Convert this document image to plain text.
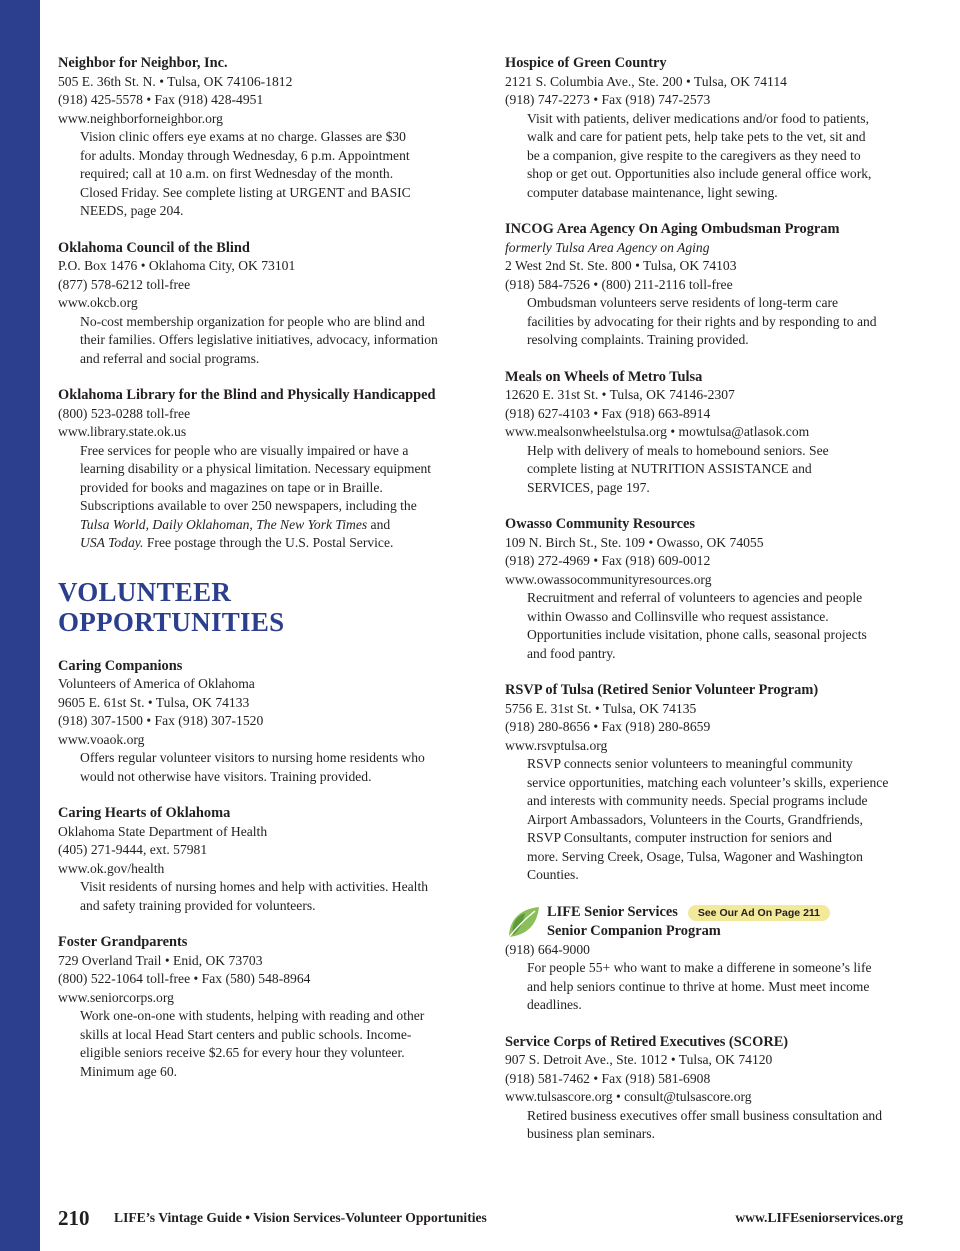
Neighbor for Neighbor, Inc.
505 E. 36th St. N. • Tulsa, OK 74106-1812
(918) 425-5578 • Fax (918) 428-4951
www.neighborforneighbor.org
Vision clinic offers eye exams at no charge. Glasses are $30
for adults. Monday through Wednesday, 6 p.m. Appointment
required; call at 10 a.m. on first Wednesday of the month.
Closed Friday. See complete listing at URGENT and BASIC
NEEDS, page 204.
Oklahoma Council of the Blind
P.O. Box 1476 • Oklahoma City, OK 73101
(877) 578-6212 toll-free
www.okcb.org
No-cost membership organization for people who are blind and
their families. Offers legislative initiatives, advocacy, information
and referral and social programs.
Oklahoma Library for the Blind and Physically Handicapped
(800) 523-0288 toll-free
www.library.state.ok.us
Free services for people who are visually impaired or have a
learning disability or a physical limitation. Necessary equipment
provided for books and magazines on tape or in Braille.
Subscriptions available to over 250 newspapers, including the
Tulsa World, Daily Oklahoman, The New York Times and
USA Today. Free postage through the U.S. Postal Service.
VOLUNTEER
OPPORTUNITIES
Caring Companions
Volunteers of America of Oklahoma
9605 E. 61st St. • Tulsa, OK 74133
(918) 307-1500 • Fax (918) 307-1520
www.voaok.org
Offers regular volunteer visitors to nursing home residents who
would not otherwise have visitors. Training provided.
Caring Hearts of Oklahoma
Oklahoma State Department of Health
(405) 271-9444, ext. 57981
www.ok.gov/health
Visit residents of nursing homes and help with activities. Health
and safety training provided for volunteers.
Foster Grandparents
729 Overland Trail • Enid, OK 73703
(800) 522-1064 toll-free • Fax (580) 548-8964
www.seniorcorps.org
Work one-on-one with students, helping with reading and other
skills at local Head Start centers and public schools. Income-
eligible seniors receive $2.65 for every hour they volunteer.
Minimum age 60.
Hospice of Green Country
2121 S. Columbia Ave., Ste. 200 • Tulsa, OK 74114
(918) 747-2273 • Fax (918) 747-2573
Visit with patients, deliver medications and/or food to patients,
walk and care for patient pets, help take pets to the vet, sit and
be a companion, give respite to the caregivers as they need to
shop or get out. Opportunities also include general office work,
computer database maintenance, light sewing.
INCOG Area Agency On Aging Ombudsman Program
formerly Tulsa Area Agency on Aging
2 West 2nd St. Ste. 800 • Tulsa, OK 74103
(918) 584-7526 • (800) 211-2116 toll-free
Ombudsman volunteers serve residents of long-term care
facilities by advocating for their rights and by responding to and
resolving complaints. Training provided.
Meals on Wheels of Metro Tulsa
12620 E. 31st St. • Tulsa, OK 74146-2307
(918) 627-4103 • Fax (918) 663-8914
www.mealsonwheelstulsa.org • mowtulsa@atlasok.com
Help with delivery of meals to homebound seniors. See
complete listing at NUTRITION ASSISTANCE and
SERVICES, page 197.
Owasso Community Resources
109 N. Birch St., Ste. 109 • Owasso, OK 74055
(918) 272-4969 • Fax (918) 609-0012
www.owassocommunityresources.org
Recruitment and referral of volunteers to agencies and people
within Owasso and Collinsville who request assistance.
Opportunities include visitation, phone calls, seasonal projects
and food pantry.
RSVP of Tulsa (Retired Senior Volunteer Program)
5756 E. 31st St. • Tulsa, OK 74135
(918) 280-8656 • Fax (918) 280-8659
www.rsvptulsa.org
RSVP connects senior volunteers to meaningful community
service opportunities, matching each volunteer’s skills, experience
and interests with community needs. Special programs include
Airport Ambassadors, Volunteers in the Courts, Grandfriends,
RSVP Consultants, computer instruction for seniors and
more. Serving Creek, Osage, Tulsa, Wagoner and Washington
Counties.
LIFE Senior Services See Our Ad On Page 211
Senior Companion Program
(918) 664-9000
For people 55+ who want to make a differene in someone’s life
and help seniors continue to thrive at home. Must meet income
deadlines.
Service Corps of Retired Executives (SCORE)
907 S. Detroit Ave., Ste. 1012 • Tulsa, OK 74120
(918) 581-7462 • Fax (918) 581-6908
www.tulsascore.org • consult@tulsascore.org
Retired business executives offer small business consultation and
business plan seminars.
210 LIFE’s Vintage Guide • Vision Services-Volunteer Opportunities	www.LIFEseniorservices.org
